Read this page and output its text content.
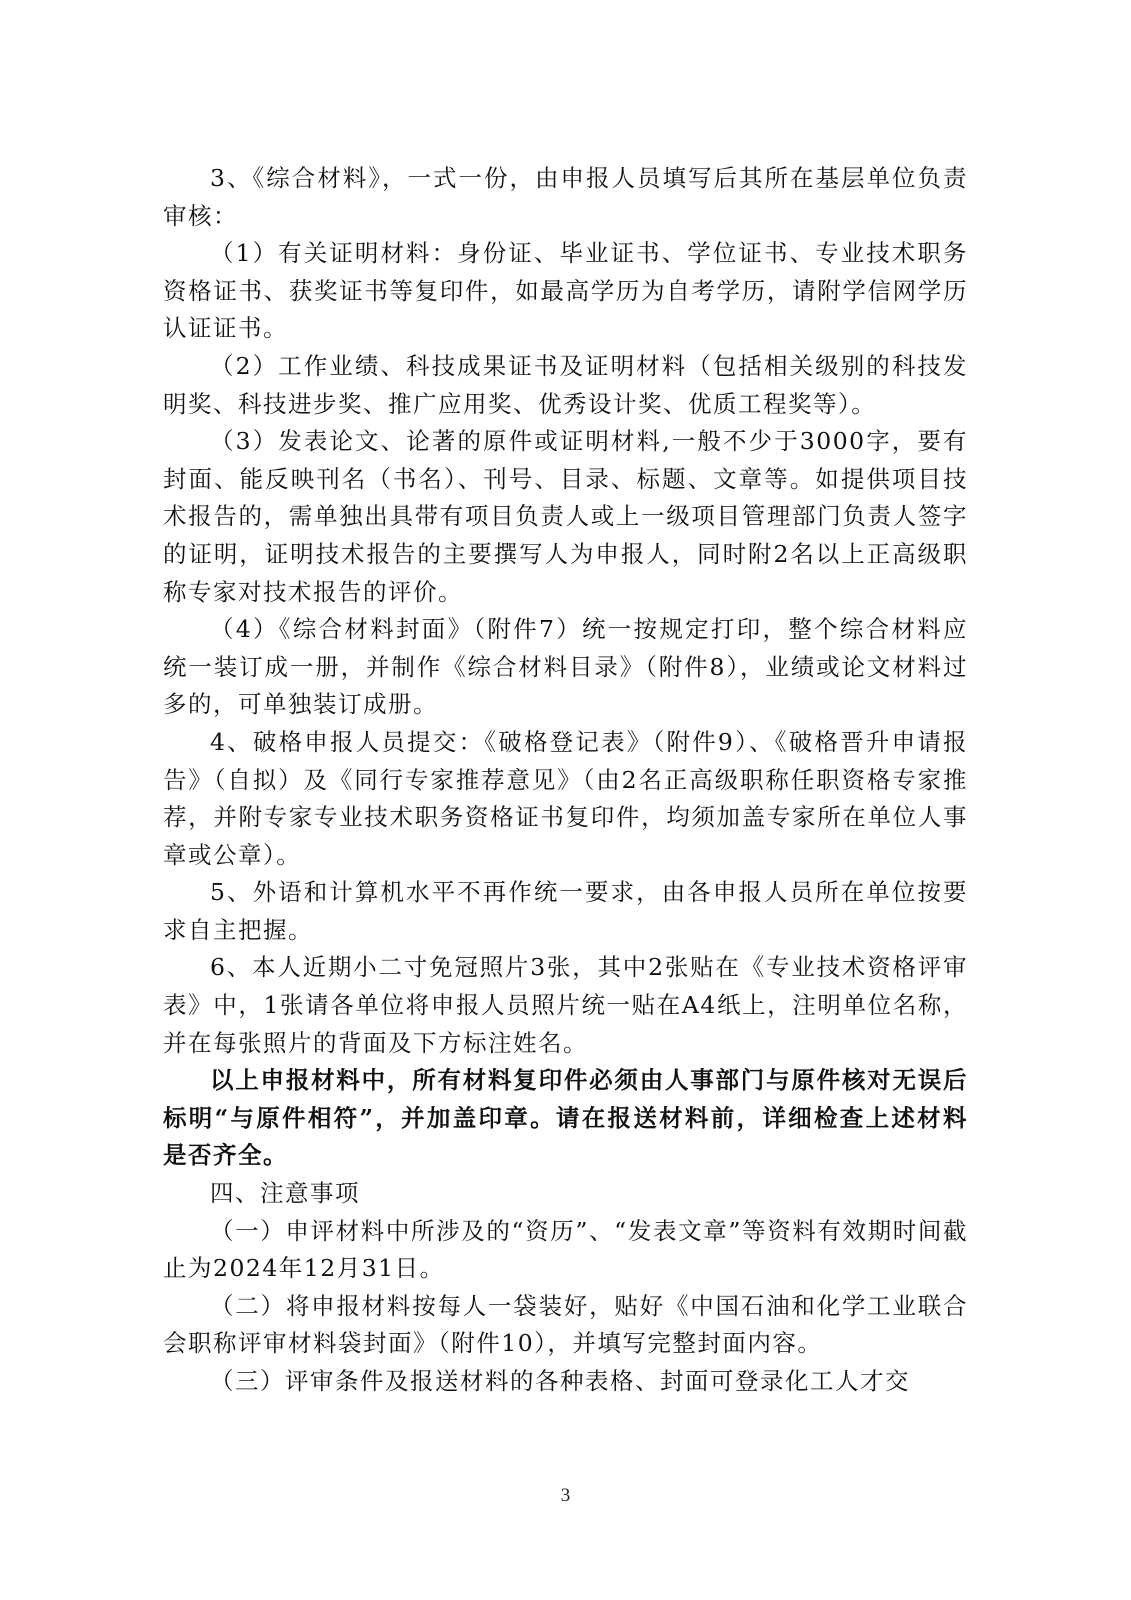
3、《综合材料》，一式一份，由申报人员填写后其所在基层单位负责审核：

（1）有关证明材料：身份证、毕业证书、学位证书、专业技术职务资格证书、获奖证书等复印件，如最高学历为自考学历，请附学信网学历认证证书。

（2）工作业绩、科技成果证书及证明材料（包括相关级别的科技发明奖、科技进步奖、推广应用奖、优秀设计奖、优质工程奖等）。

（3）发表论文、论著的原件或证明材料,一般不少于3000字，要有封面、能反映刊名（书名）、刊号、目录、标题、文章等。如提供项目技术报告的，需单独出具带有项目负责人或上一级项目管理部门负责人签字的证明，证明技术报告的主要撰写人为申报人，同时附2名以上正高级职称专家对技术报告的评价。

（4）《综合材料封面》（附件7）统一按规定打印，整个综合材料应统一装订成一册，并制作《综合材料目录》（附件8），业绩或论文材料过多的，可单独装订成册。

4、破格申报人员提交：《破格登记表》（附件9）、《破格晋升申请报告》（自拟）及《同行专家推荐意见》（由2名正高级职称任职资格专家推荐，并附专家专业技术职务资格证书复印件，均须加盖专家所在单位人事章或公章）。

5、外语和计算机水平不再作统一要求，由各申报人员所在单位按要求自主把握。

6、本人近期小二寸免冠照片3张，其中2张贴在《专业技术资格评审表》中，1张请各单位将申报人员照片统一贴在A4纸上，注明单位名称，并在每张照片的背面及下方标注姓名。

以上申报材料中，所有材料复印件必须由人事部门与原件核对无误后标明“与原件相符”，并加盖印章。请在报送材料前，详细检查上述材料是否齐全。

四、注意事项

（一）申评材料中所涉及的“资历”、“发表文章”等资料有效期时间截止为2024年12月31日。

（二）将申报材料按每人一袋装好，贴好《中国石油和化学工业联合会职称评审材料袋封面》（附件10），并填写完整封面内容。

（三）评审条件及报送材料的各种表格、封面可登录化工人才交

3
